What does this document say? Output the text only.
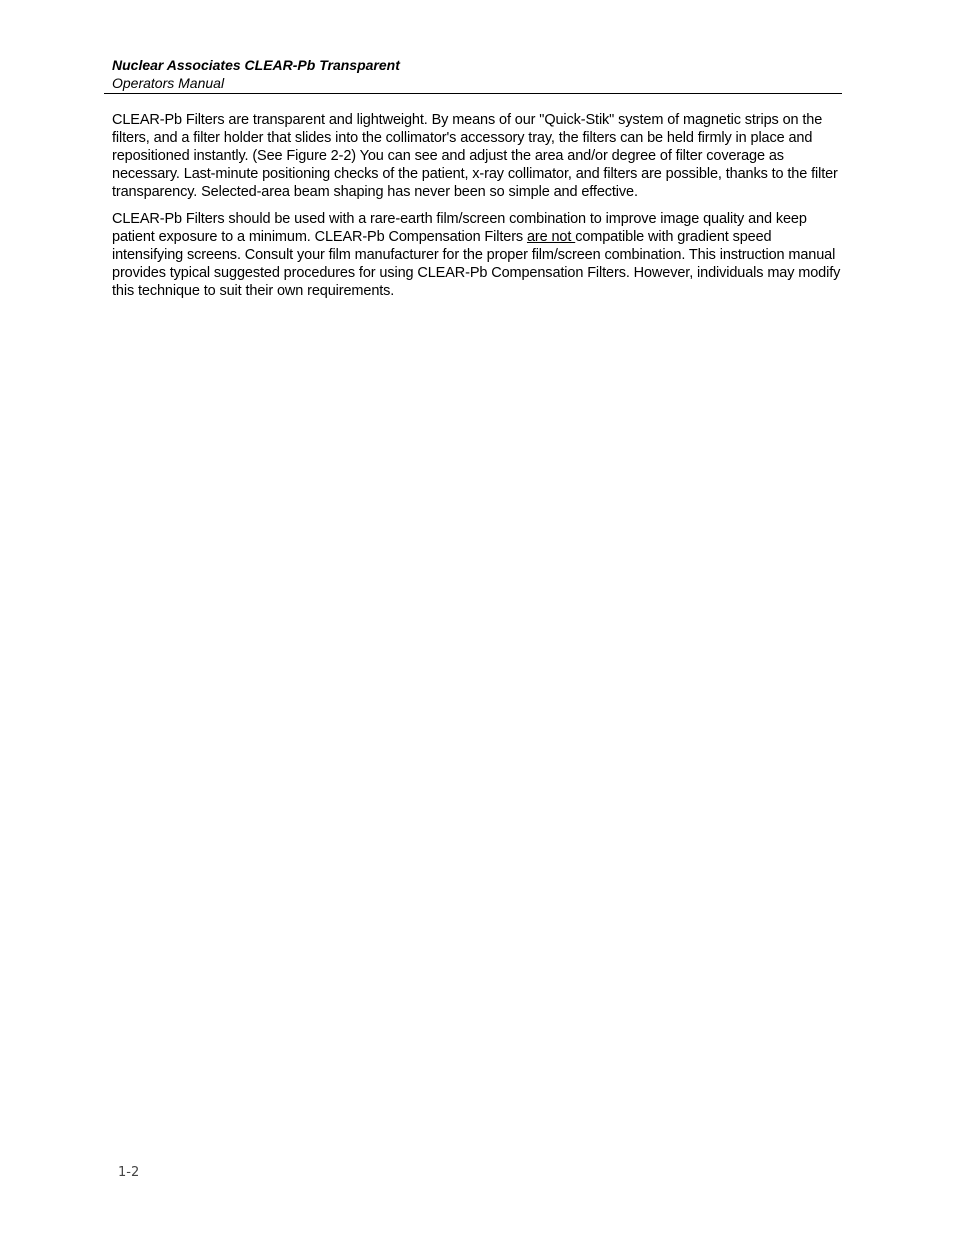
Nuclear Associates CLEAR-Pb Transparent
Operators Manual

CLEAR-Pb Filters are transparent and lightweight. By means of our "Quick-Stik" system of magnetic strips on the filters, and a filter holder that slides into the collimator's accessory tray, the filters can be held firmly in place and repositioned instantly. (See Figure 2-2) You can see and adjust the area and/or degree of filter coverage as necessary. Last-minute positioning checks of the patient, x-ray collimator, and filters are possible, thanks to the filter transparency. Selected-area beam shaping has never been so simple and effective.

CLEAR-Pb Filters should be used with a rare-earth film/screen combination to improve image quality and keep patient exposure to a minimum. CLEAR-Pb Compensation Filters are not compatible with gradient speed intensifying screens. Consult your film manufacturer for the proper film/screen combination. This instruction manual provides typical suggested procedures for using CLEAR-Pb Compensation Filters. However, individuals may modify this technique to suit their own requirements.

1-2
